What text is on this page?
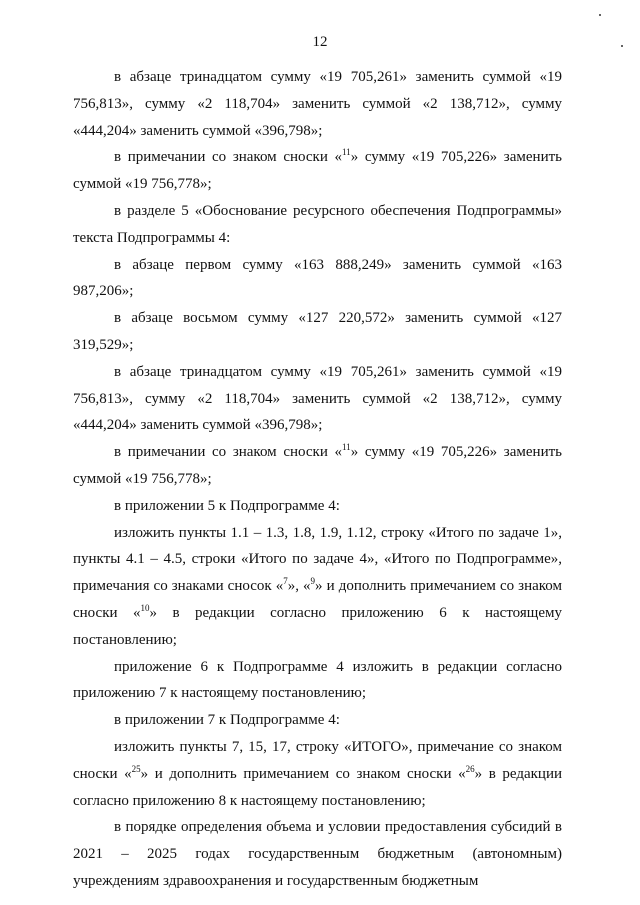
12

в абзаце тринадцатом сумму «19 705,261» заменить суммой «19 756,813», сумму «2 118,704» заменить суммой «2 138,712», сумму «444,204» заменить суммой «396,798»;

в примечании со знаком сноски «$^{11}$» сумму «19 705,226» заменить суммой «19 756,778»;

в разделе 5 «Обоснование ресурсного обеспечения Подпрограммы» текста Подпрограммы 4:

в абзаце первом сумму «163 888,249» заменить суммой «163 987,206»;

в абзаце восьмом сумму «127 220,572» заменить суммой «127 319,529»;

в абзаце тринадцатом сумму «19 705,261» заменить суммой «19 756,813», сумму «2 118,704» заменить суммой «2 138,712», сумму «444,204» заменить суммой «396,798»;

в примечании со знаком сноски «$^{11}$» сумму «19 705,226» заменить суммой «19 756,778»;

в приложении 5 к Подпрограмме 4:

изложить пункты 1.1 – 1.3, 1.8, 1.9, 1.12, строку «Итого по задаче 1», пункты 4.1 – 4.5, строки «Итого по задаче 4», «Итого по Подпрограмме», примечания со знаками сносок «$^7$», «$^9$» и дополнить примечанием со знаком сноски «$^{10}$» в редакции согласно приложению 6 к настоящему постановлению;

приложение 6 к Подпрограмме 4 изложить в редакции согласно приложению 7 к настоящему постановлению;

в приложении 7 к Подпрограмме 4:

изложить пункты 7, 15, 17, строку «ИТОГО», примечание со знаком сноски «$^{25}$» и дополнить примечанием со знаком сноски «$^{26}$» в редакции согласно приложению 8 к настоящему постановлению;

в порядке определения объема и условии предоставления субсидий в 2021 – 2025 годах государственным бюджетным (автономным) учреждениям здравоохранения и государственным бюджетным
